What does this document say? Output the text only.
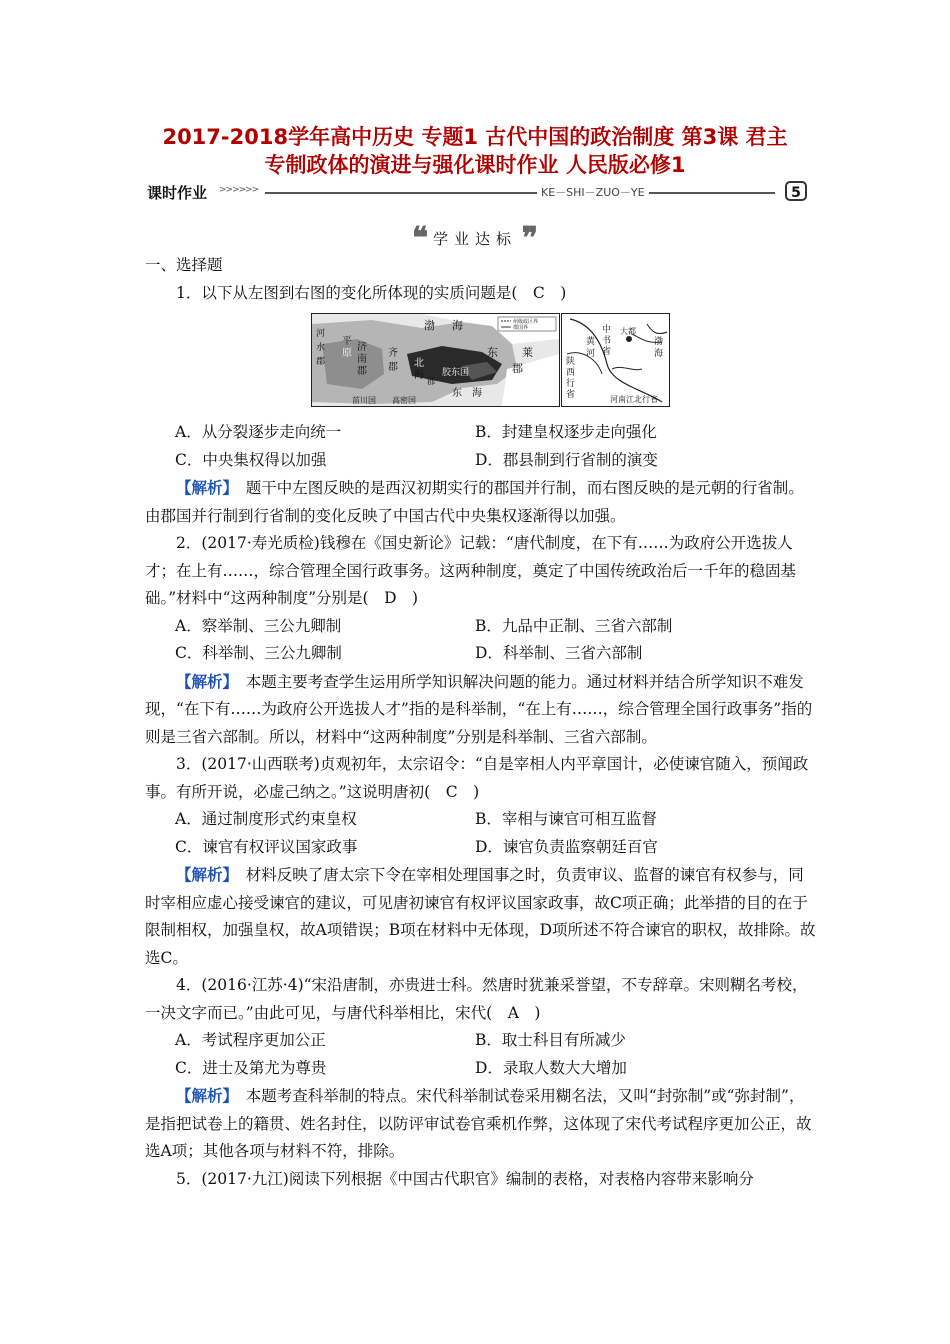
2017-2018学年高中历史 专题1 古代中国的政治制度 第3课 君主
专制政体的演进与强化课时作业 人民版必修1
课时作业 >>>>>>	KE－SHI－ZUO－YE	5
❝ 学业达标 ❞

一、选择题

1．以下从左图到右图的变化所体现的实质问题是(　C　)

州级政区界
郡国界
渤 海
东 莱
郡
平
原
济
南
郡
齐
郡 北
海
郡
胶东国
东 海
菑川国 高密国
河
水
郡
中
书
省
大都
渤
海
黄
河
陕
西
行
省	河南江北行省
A．从分裂逐步走向统一	B．封建皇权逐步走向强化
C．中央集权得以加强	D．郡县制到行省制的演变

【解析】　题干中左图反映的是西汉初期实行的郡国并行制，而右图反映的是元朝的行省制。由郡国并行制到行省制的变化反映了中国古代中央集权逐渐得以加强。

2．(2017·寿光质检)钱穆在《国史新论》记载：“唐代制度，在下有……为政府公开选拔人才；在上有……，综合管理全国行政事务。这两种制度，奠定了中国传统政治后一千年的稳固基础。”材料中“这两种制度”分别是(　D　)

A．察举制、三公九卿制	B．九品中正制、三省六部制
C．科举制、三公九卿制	D．科举制、三省六部制

【解析】　本题主要考查学生运用所学知识解决问题的能力。通过材料并结合所学知识不难发现，“在下有……为政府公开选拔人才”指的是科举制，“在上有……，综合管理全国行政事务”指的则是三省六部制。所以，材料中“这两种制度”分别是科举制、三省六部制。

3．(2017·山西联考)贞观初年，太宗诏令：“自是宰相人内平章国计，必使谏官随入，预闻政事。有所开说，必虚己纳之。”这说明唐初(　C　)

A．通过制度形式约束皇权	B．宰相与谏官可相互监督
C．谏官有权评议国家政事	D．谏官负责监察朝廷百官

【解析】　材料反映了唐太宗下令在宰相处理国事之时，负责审议、监督的谏官有权参与，同时宰相应虚心接受谏官的建议，可见唐初谏官有权评议国家政事，故C项正确；此举措的目的在于限制相权，加强皇权，故A项错误；B项在材料中无体现，D项所述不符合谏官的职权，故排除。故选C。

4．(2016·江苏·4)“宋沿唐制，亦贵进士科。然唐时犹兼采誉望，不专辞章。宋则糊名考校，一决文字而已。”由此可见，与唐代科举相比，宋代(　A　)

A．考试程序更加公正	B．取士科目有所减少
C．进士及第尤为尊贵	D．录取人数大大增加

【解析】　本题考查科举制的特点。宋代科举制试卷采用糊名法，又叫“封弥制”或“弥封制”，是指把试卷上的籍贯、姓名封住，以防评审试卷官乘机作弊，这体现了宋代考试程序更加公正，故选A项；其他各项与材料不符，排除。

5．(2017·九江)阅读下列根据《中国古代职官》编制的表格，对表格内容带来影响分
